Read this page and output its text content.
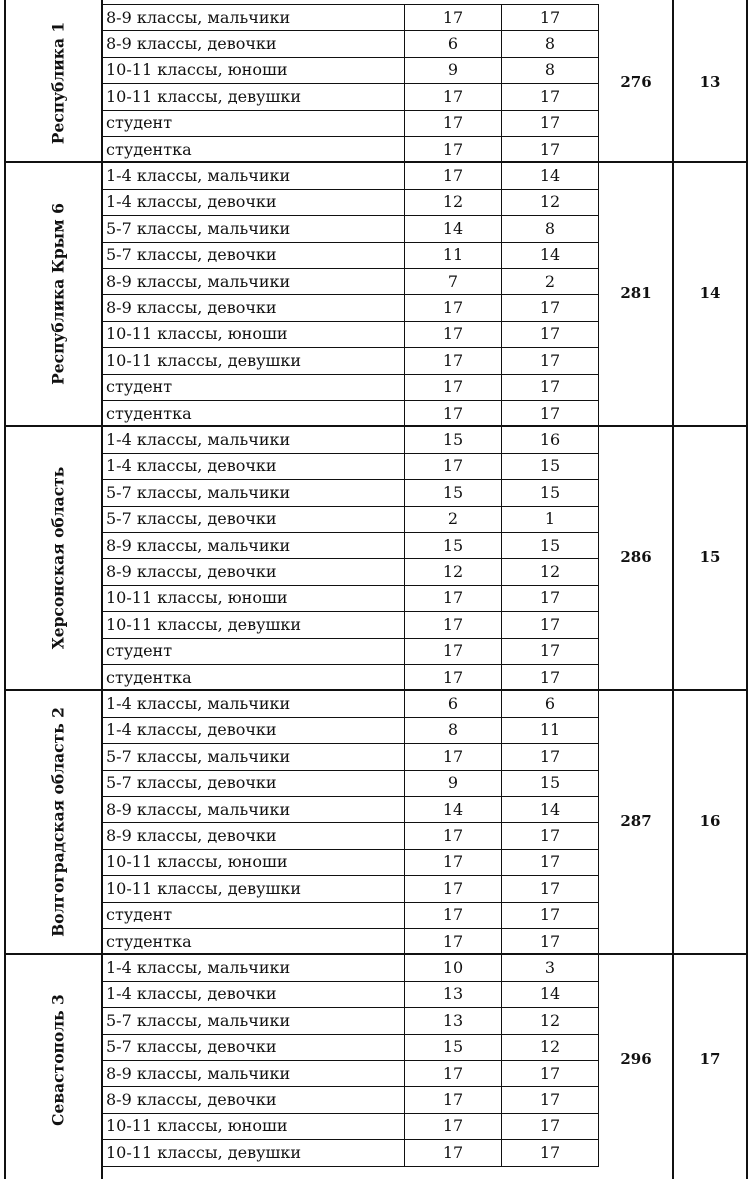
Республика 1
8-9 классы, мальчики	17	17
8-9 классы, девочки	6	8
10-11 классы, юноши	9	8
10-11 классы, девушки	17	17
студент	17	17
студентка	17	17
276	13
Республика Крым 6
1-4 классы, мальчики	17	14
1-4 классы, девочки	12	12
5-7 классы, мальчики	14	8
5-7 классы, девочки	11	14
8-9 классы, мальчики	7	2
8-9 классы, девочки	17	17
10-11 классы, юноши	17	17
10-11 классы, девушки	17	17
студент	17	17
студентка	17	17
281	14
Херсонская область
1-4 классы, мальчики	15	16
1-4 классы, девочки	17	15
5-7 классы, мальчики	15	15
5-7 классы, девочки	2	1
8-9 классы, мальчики	15	15
8-9 классы, девочки	12	12
10-11 классы, юноши	17	17
10-11 классы, девушки	17	17
студент	17	17
студентка	17	17
286	15
Волгоградская область 2
1-4 классы, мальчики	6	6
1-4 классы, девочки	8	11
5-7 классы, мальчики	17	17
5-7 классы, девочки	9	15
8-9 классы, мальчики	14	14
8-9 классы, девочки	17	17
10-11 классы, юноши	17	17
10-11 классы, девушки	17	17
студент	17	17
студентка	17	17
287	16
Севастополь 3
1-4 классы, мальчики	10	3
1-4 классы, девочки	13	14
5-7 классы, мальчики	13	12
5-7 классы, девочки	15	12
8-9 классы, мальчики	17	17
8-9 классы, девочки	17	17
10-11 классы, юноши	17	17
10-11 классы, девушки	17	17
296	17
